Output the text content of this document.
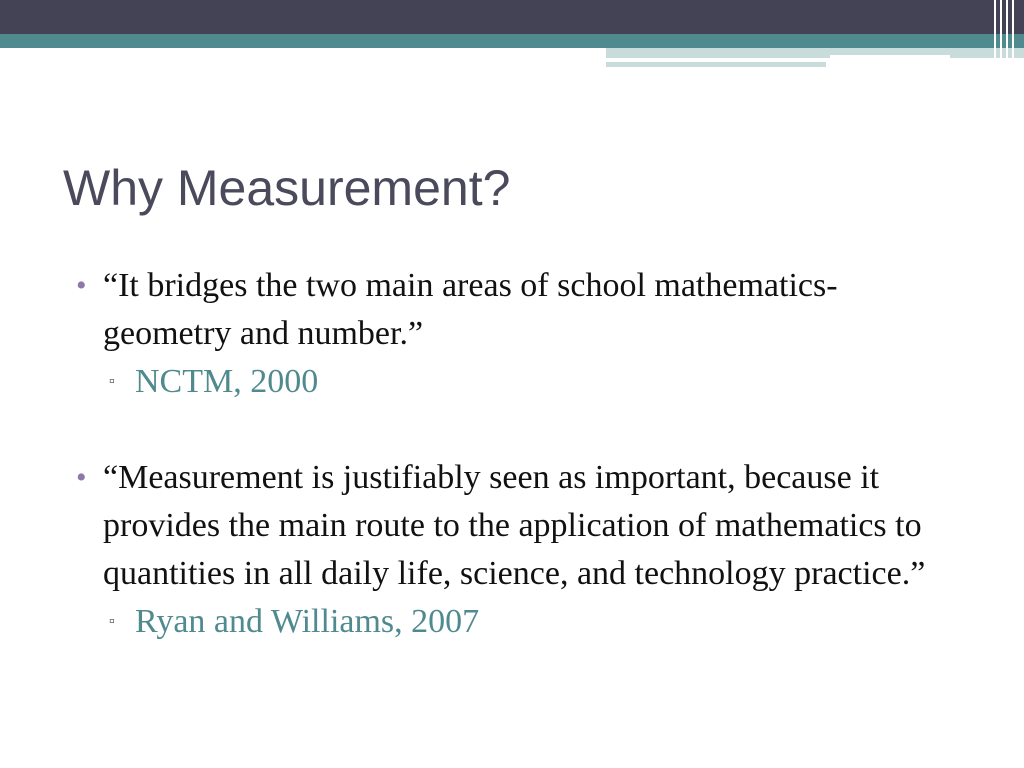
Why Measurement?

• “It bridges the two main areas of school mathematics-geometry and number.”

▫ NCTM, 2000

• “Measurement is justifiably seen as important, because it provides the main route to the application of mathematics to quantities in all daily life, science, and technology practice.”

▫ Ryan and Williams, 2007
